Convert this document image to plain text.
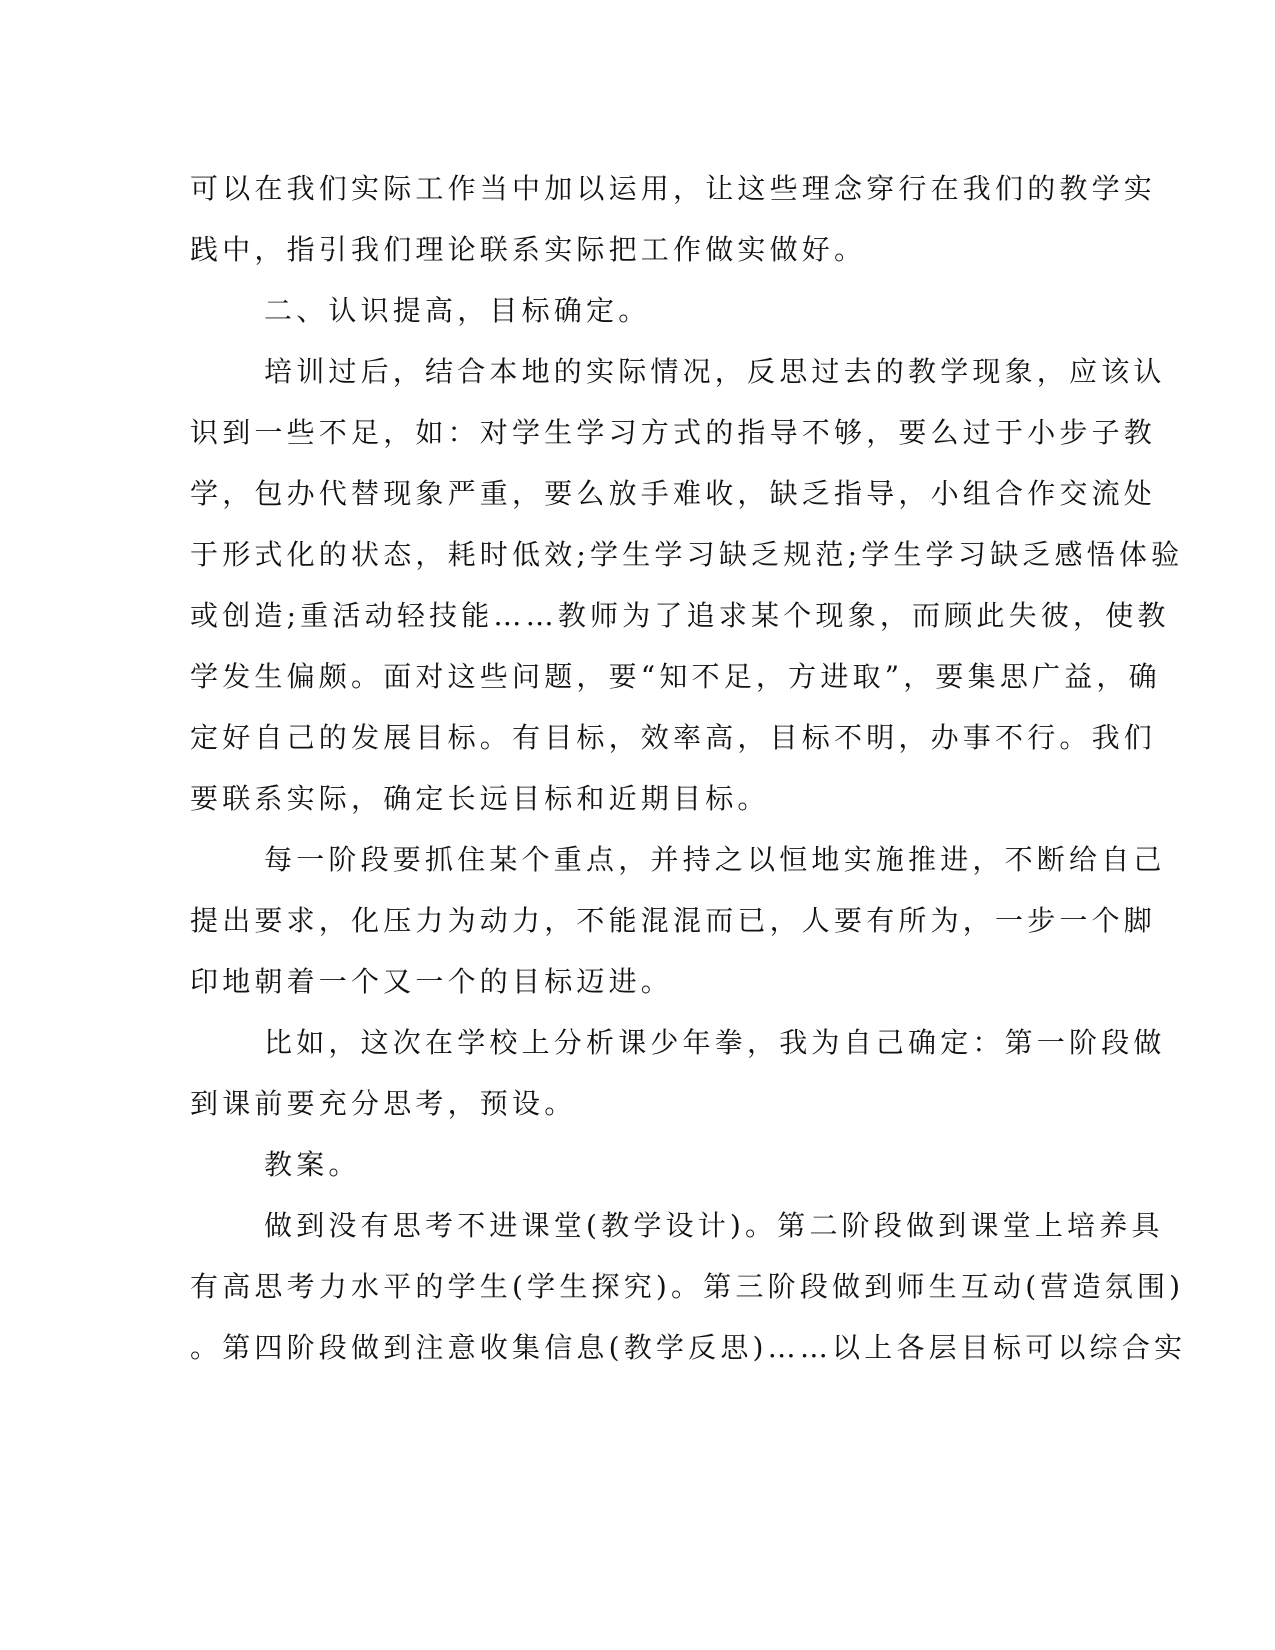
可以在我们实际工作当中加以运用，让这些理念穿行在我们的教学实
践中，指引我们理论联系实际把工作做实做好。
二、认识提高，目标确定。
培训过后，结合本地的实际情况，反思过去的教学现象，应该认
识到一些不足，如：对学生学习方式的指导不够，要么过于小步子教
学，包办代替现象严重，要么放手难收，缺乏指导，小组合作交流处
于形式化的状态，耗时低效;学生学习缺乏规范;学生学习缺乏感悟体验
或创造;重活动轻技能……教师为了追求某个现象，而顾此失彼，使教
学发生偏颇。面对这些问题，要“知不足，方进取”，要集思广益，确
定好自己的发展目标。有目标，效率高，目标不明，办事不行。我们
要联系实际，确定长远目标和近期目标。
每一阶段要抓住某个重点，并持之以恒地实施推进，不断给自己
提出要求，化压力为动力，不能混混而已，人要有所为，一步一个脚
印地朝着一个又一个的目标迈进。
比如，这次在学校上分析课少年拳，我为自己确定：第一阶段做
到课前要充分思考，预设。
教案。
做到没有思考不进课堂(教学设计)。第二阶段做到课堂上培养具
有高思考力水平的学生(学生探究)。第三阶段做到师生互动(营造氛围)
。第四阶段做到注意收集信息(教学反思)……以上各层目标可以综合实
